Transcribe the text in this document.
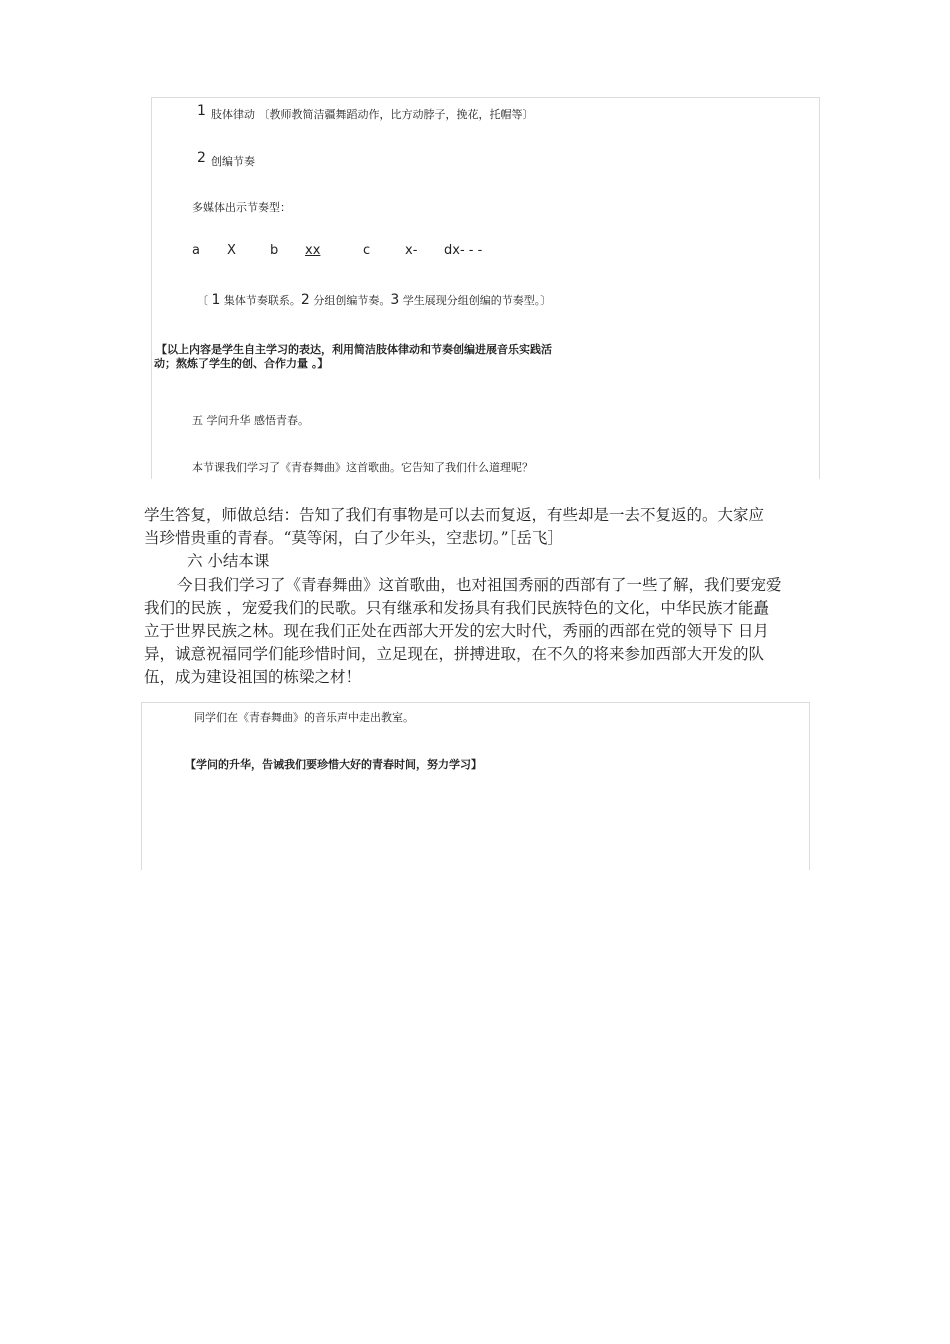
1 肢体律动 〔教师教简洁疆舞蹈动作，比方动脖子，挽花，托帽等〕
2 创编节奏
多媒体出示节奏型：
a X	b xx	c	x- dx- - -
〔 1 集体节奏联系。2 分组创编节奏。3 学生展现分组创编的节奏型。〕
【以上内容是学生自主学习的表达，利用简洁肢体律动和节奏创编进展音乐实践活
动；熬炼了学生的创、合作力量 。】
五 学问升华 感悟青春。
本节课我们学习了《青春舞曲》这首歌曲。它告知了我们什么道理呢？
学生答复，师做总结：告知了我们有事物是可以去而复返，有些却是一去不复返的。大家应
当珍惜贵重的青春。“莫等闲，白了少年头，空悲切。”［岳飞］
六 小结本课
今日我们学习了《青春舞曲》这首歌曲，也对祖国秀丽的西部有了一些了解，我们要宠爱
我们的民族 ，宠爱我们的民歌。只有继承和发扬具有我们民族特色的文化，中华民族才能矗
立于世界民族之林。现在我们正处在西部大开发的宏大时代，秀丽的西部在党的领导下 日月
异，诚意祝福同学们能珍惜时间，立足现在，拼搏进取，在不久的将来参加西部大开发的队
伍，成为建设祖国的栋梁之材！
同学们在《青春舞曲》的音乐声中走出教室。
【学问的升华，告诫我们要珍惜大好的青春时间，努力学习】
